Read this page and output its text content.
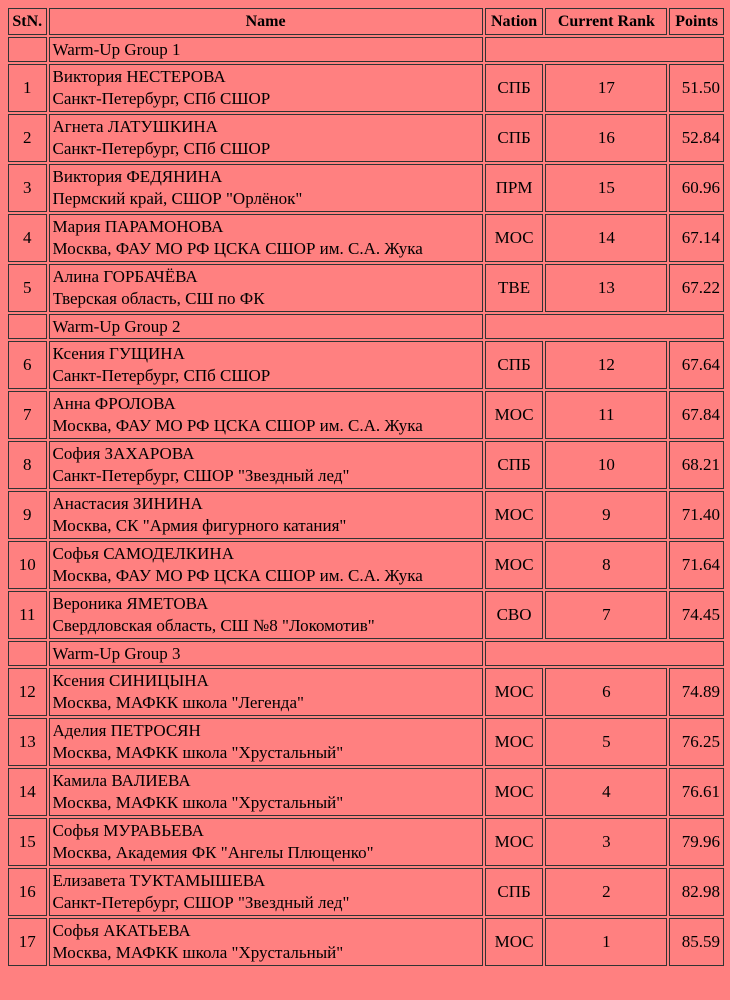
StN.	Name	Nation	Current Rank	Points
	Warm-Up Group 1			
1	Виктория НЕСТЕРОВА
Санкт-Петербург, СПб СШОР	СПБ	17	51.50
2	Агнета ЛАТУШКИНА
Санкт-Петербург, СПб СШОР	СПБ	16	52.84
3	Виктория ФЕДЯНИНА
Пермский край, СШОР "Орлёнок"	ПРМ	15	60.96
4	Мария ПАРАМОНОВА
Москва, ФАУ МО РФ ЦСКА СШОР им. С.А. Жука	МОС	14	67.14
5	Алина ГОРБАЧЁВА
Тверская область, СШ по ФК	ТВЕ	13	67.22
	Warm-Up Group 2			
6	Ксения ГУЩИНА
Санкт-Петербург, СПб СШОР	СПБ	12	67.64
7	Анна ФРОЛОВА
Москва, ФАУ МО РФ ЦСКА СШОР им. С.А. Жука	МОС	11	67.84
8	София ЗАХАРОВА
Санкт-Петербург, СШОР "Звездный лед"	СПБ	10	68.21
9	Анастасия ЗИНИНА
Москва, СК "Армия фигурного катания"	МОС	9	71.40
10	Софья САМОДЕЛКИНА
Москва, ФАУ МО РФ ЦСКА СШОР им. С.А. Жука	МОС	8	71.64
11	Вероника ЯМЕТОВА
Свердловская область, СШ №8 "Локомотив"	СВО	7	74.45
	Warm-Up Group 3			
12	Ксения СИНИЦЫНА
Москва, МАФКК школа "Легенда"	МОС	6	74.89
13	Аделия ПЕТРОСЯН
Москва, МАФКК школа "Хрустальный"	МОС	5	76.25
14	Камила ВАЛИЕВА
Москва, МАФКК школа "Хрустальный"	МОС	4	76.61
15	Софья МУРАВЬЕВА
Москва, Академия ФК "Ангелы Плющенко"	МОС	3	79.96
16	Елизавета ТУКТАМЫШЕВА
Санкт-Петербург, СШОР "Звездный лед"	СПБ	2	82.98
17	Софья АКАТЬЕВА
Москва, МАФКК школа "Хрустальный"	МОС	1	85.59
